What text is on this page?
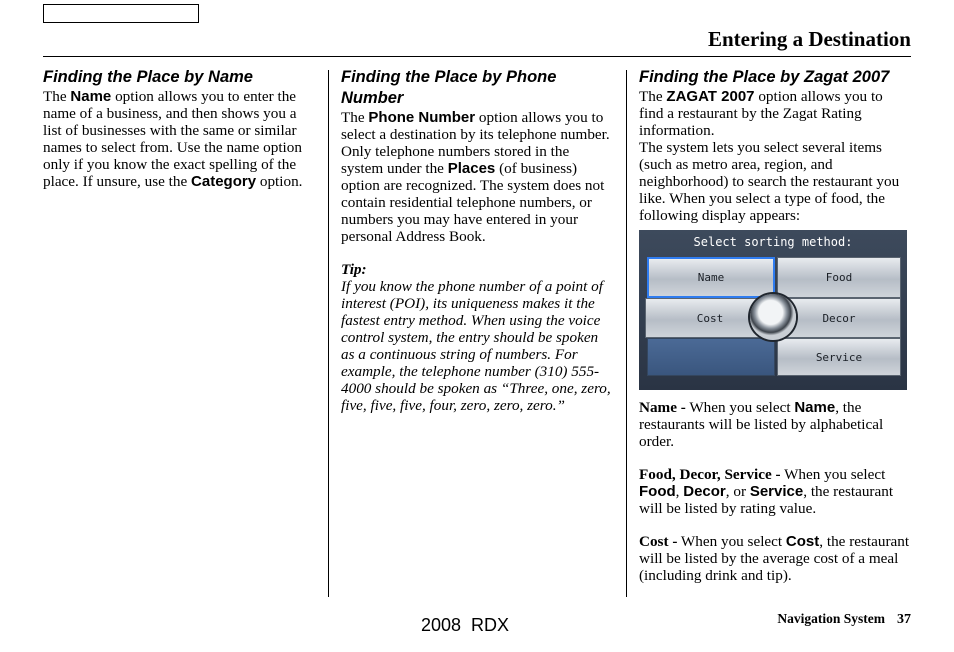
Entering a Destination

Finding the Place by Name

The Name option allows you to enter the name of a business, and then shows you a list of businesses with the same or similar names to select from. Use the name option only if you know the exact spelling of the place. If unsure, use the Category option.

Finding the Place by Phone Number

The Phone Number option allows you to select a destination by its telephone number. Only telephone numbers stored in the system under the Places (of business) option are recognized. The system does not contain residential telephone numbers, or numbers you may have entered in your personal Address Book.

Tip:

If you know the phone number of a point of interest (POI), its uniqueness makes it the fastest entry method. When using the voice control system, the entry should be spoken as a continuous string of numbers. For example, the telephone number (310) 555-4000 should be spoken as “Three, one, zero, five, five, five, four, zero, zero, zero.”

Finding the Place by Zagat 2007

The ZAGAT 2007 option allows you to find a restaurant by the Zagat Rating information.

The system lets you select several items (such as metro area, region, and neighborhood) to search the restaurant you like. When you select a type of food, the following display appears:

Select sorting method:
Name	Food
Cost	Decor
Service

Name - When you select Name, the restaurants will be listed by alphabetical order.

Food, Decor, Service - When you select Food, Decor, or Service, the restaurant will be listed by rating value.

Cost - When you select Cost, the restaurant will be listed by the average cost of a meal (including drink and tip).

2008  RDX	Navigation System 37
